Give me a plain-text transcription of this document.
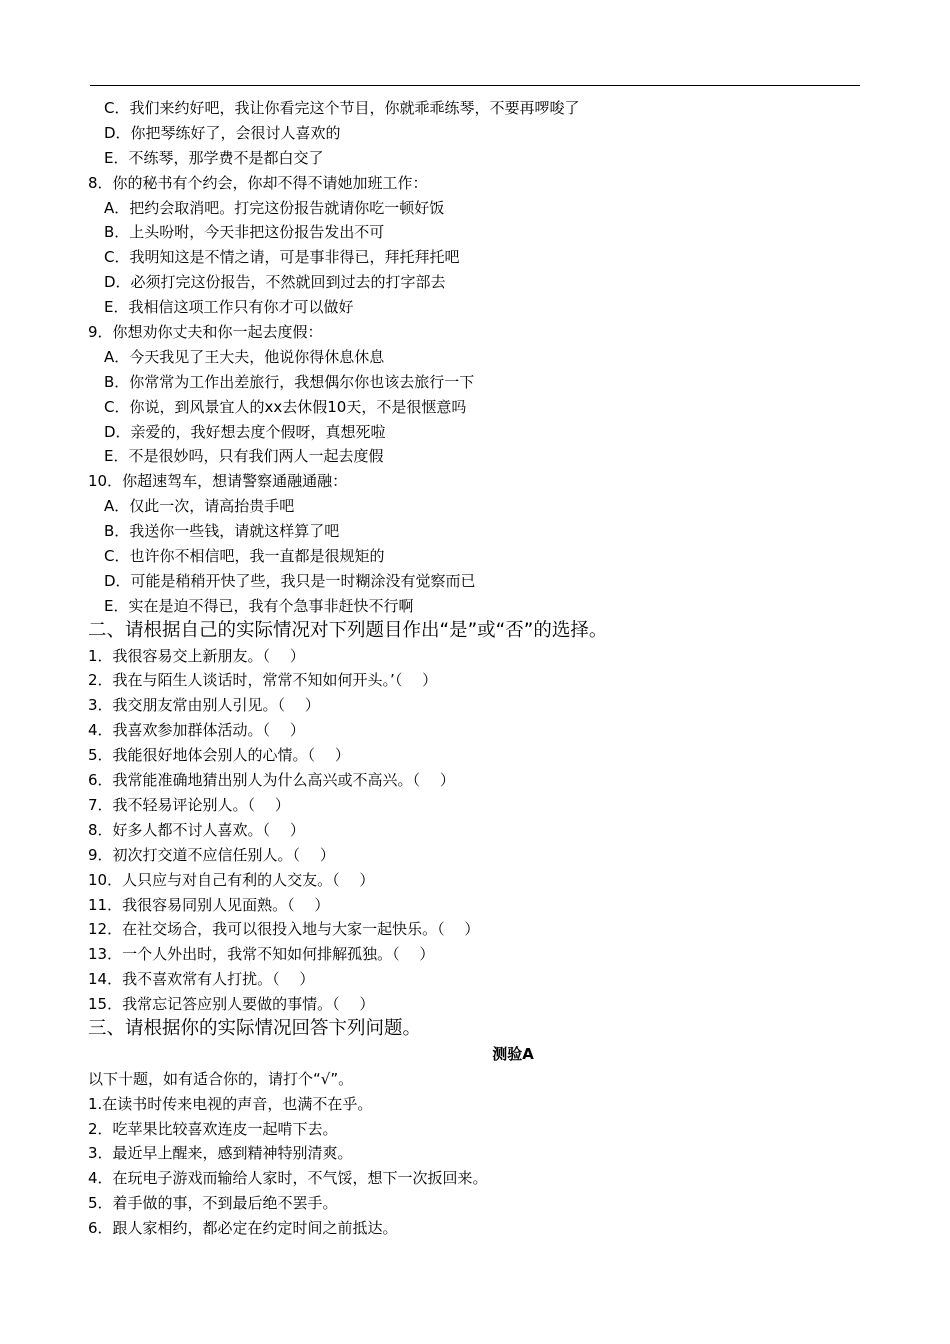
C．我们来约好吧，我让你看完这个节目，你就乖乖练琴，不要再啰唆了
D．你把琴练好了，会很讨人喜欢的
E．不练琴，那学费不是都白交了
8．你的秘书有个约会，你却不得不请她加班工作：
A．把约会取消吧。打完这份报告就请你吃一顿好饭
B．上头吩咐，今天非把这份报告发出不可
C．我明知这是不情之请，可是事非得已，拜托拜托吧
D．必须打完这份报告，不然就回到过去的打字部去
E．我相信这项工作只有你才可以做好
9．你想劝你丈夫和你一起去度假：
A．今天我见了王大夫，他说你得休息休息
B．你常常为工作出差旅行，我想偶尔你也该去旅行一下
C．你说，到风景宜人的xx去休假10天，不是很惬意吗
D．亲爱的，我好想去度个假呀，真想死啦
E．不是很妙吗，只有我们两人一起去度假
10．你超速驾车，想请警察通融通融：
A．仅此一次，请高抬贵手吧
B．我送你一些钱，请就这样算了吧
C．也许你不相信吧，我一直都是很规矩的
D．可能是稍稍开快了些，我只是一时糊涂没有觉察而已
E．实在是迫不得已，我有个急事非赶快不行啊
二、请根据自己的实际情况对下列题目作出“是”或“否”的选择。
1．我很容易交上新朋友。（　 ）
2．我在与陌生人谈话时，常常不知如何开头。’（　 ）
3．我交朋友常由别人引见。（　 ）
4．我喜欢参加群体活动。（　 ）
5．我能很好地体会别人的心情。（　 ）
6．我常能准确地猜出别人为什么高兴或不高兴。（　 ）
7．我不轻易评论别人。（　 ）
8．好多人都不讨人喜欢。（　 ）
9．初次打交道不应信任别人。（　 ）
10．人只应与对自己有利的人交友。（　 ）
11．我很容易同别人见面熟。（　 ）
12．在社交场合，我可以很投入地与大家一起快乐。（　 ）
13．一个人外出时，我常不知如何排解孤独。（　 ）
14．我不喜欢常有人打扰。（　 ）
15．我常忘记答应别人要做的事情。（　 ）
三、请根据你的实际情况回答卞列问题。
测验A
以下十题，如有适合你的，请打个“√”。
1.在读书时传来电视的声音，也满不在乎。
2．吃苹果比较喜欢连皮一起啃下去。
3．最近早上醒来，感到精神特别清爽。
4．在玩电子游戏而输给人家时，不气馁，想下一次扳回来。
5．着手做的事，不到最后绝不罢手。
6．跟人家相约，都必定在约定时间之前抵达。
